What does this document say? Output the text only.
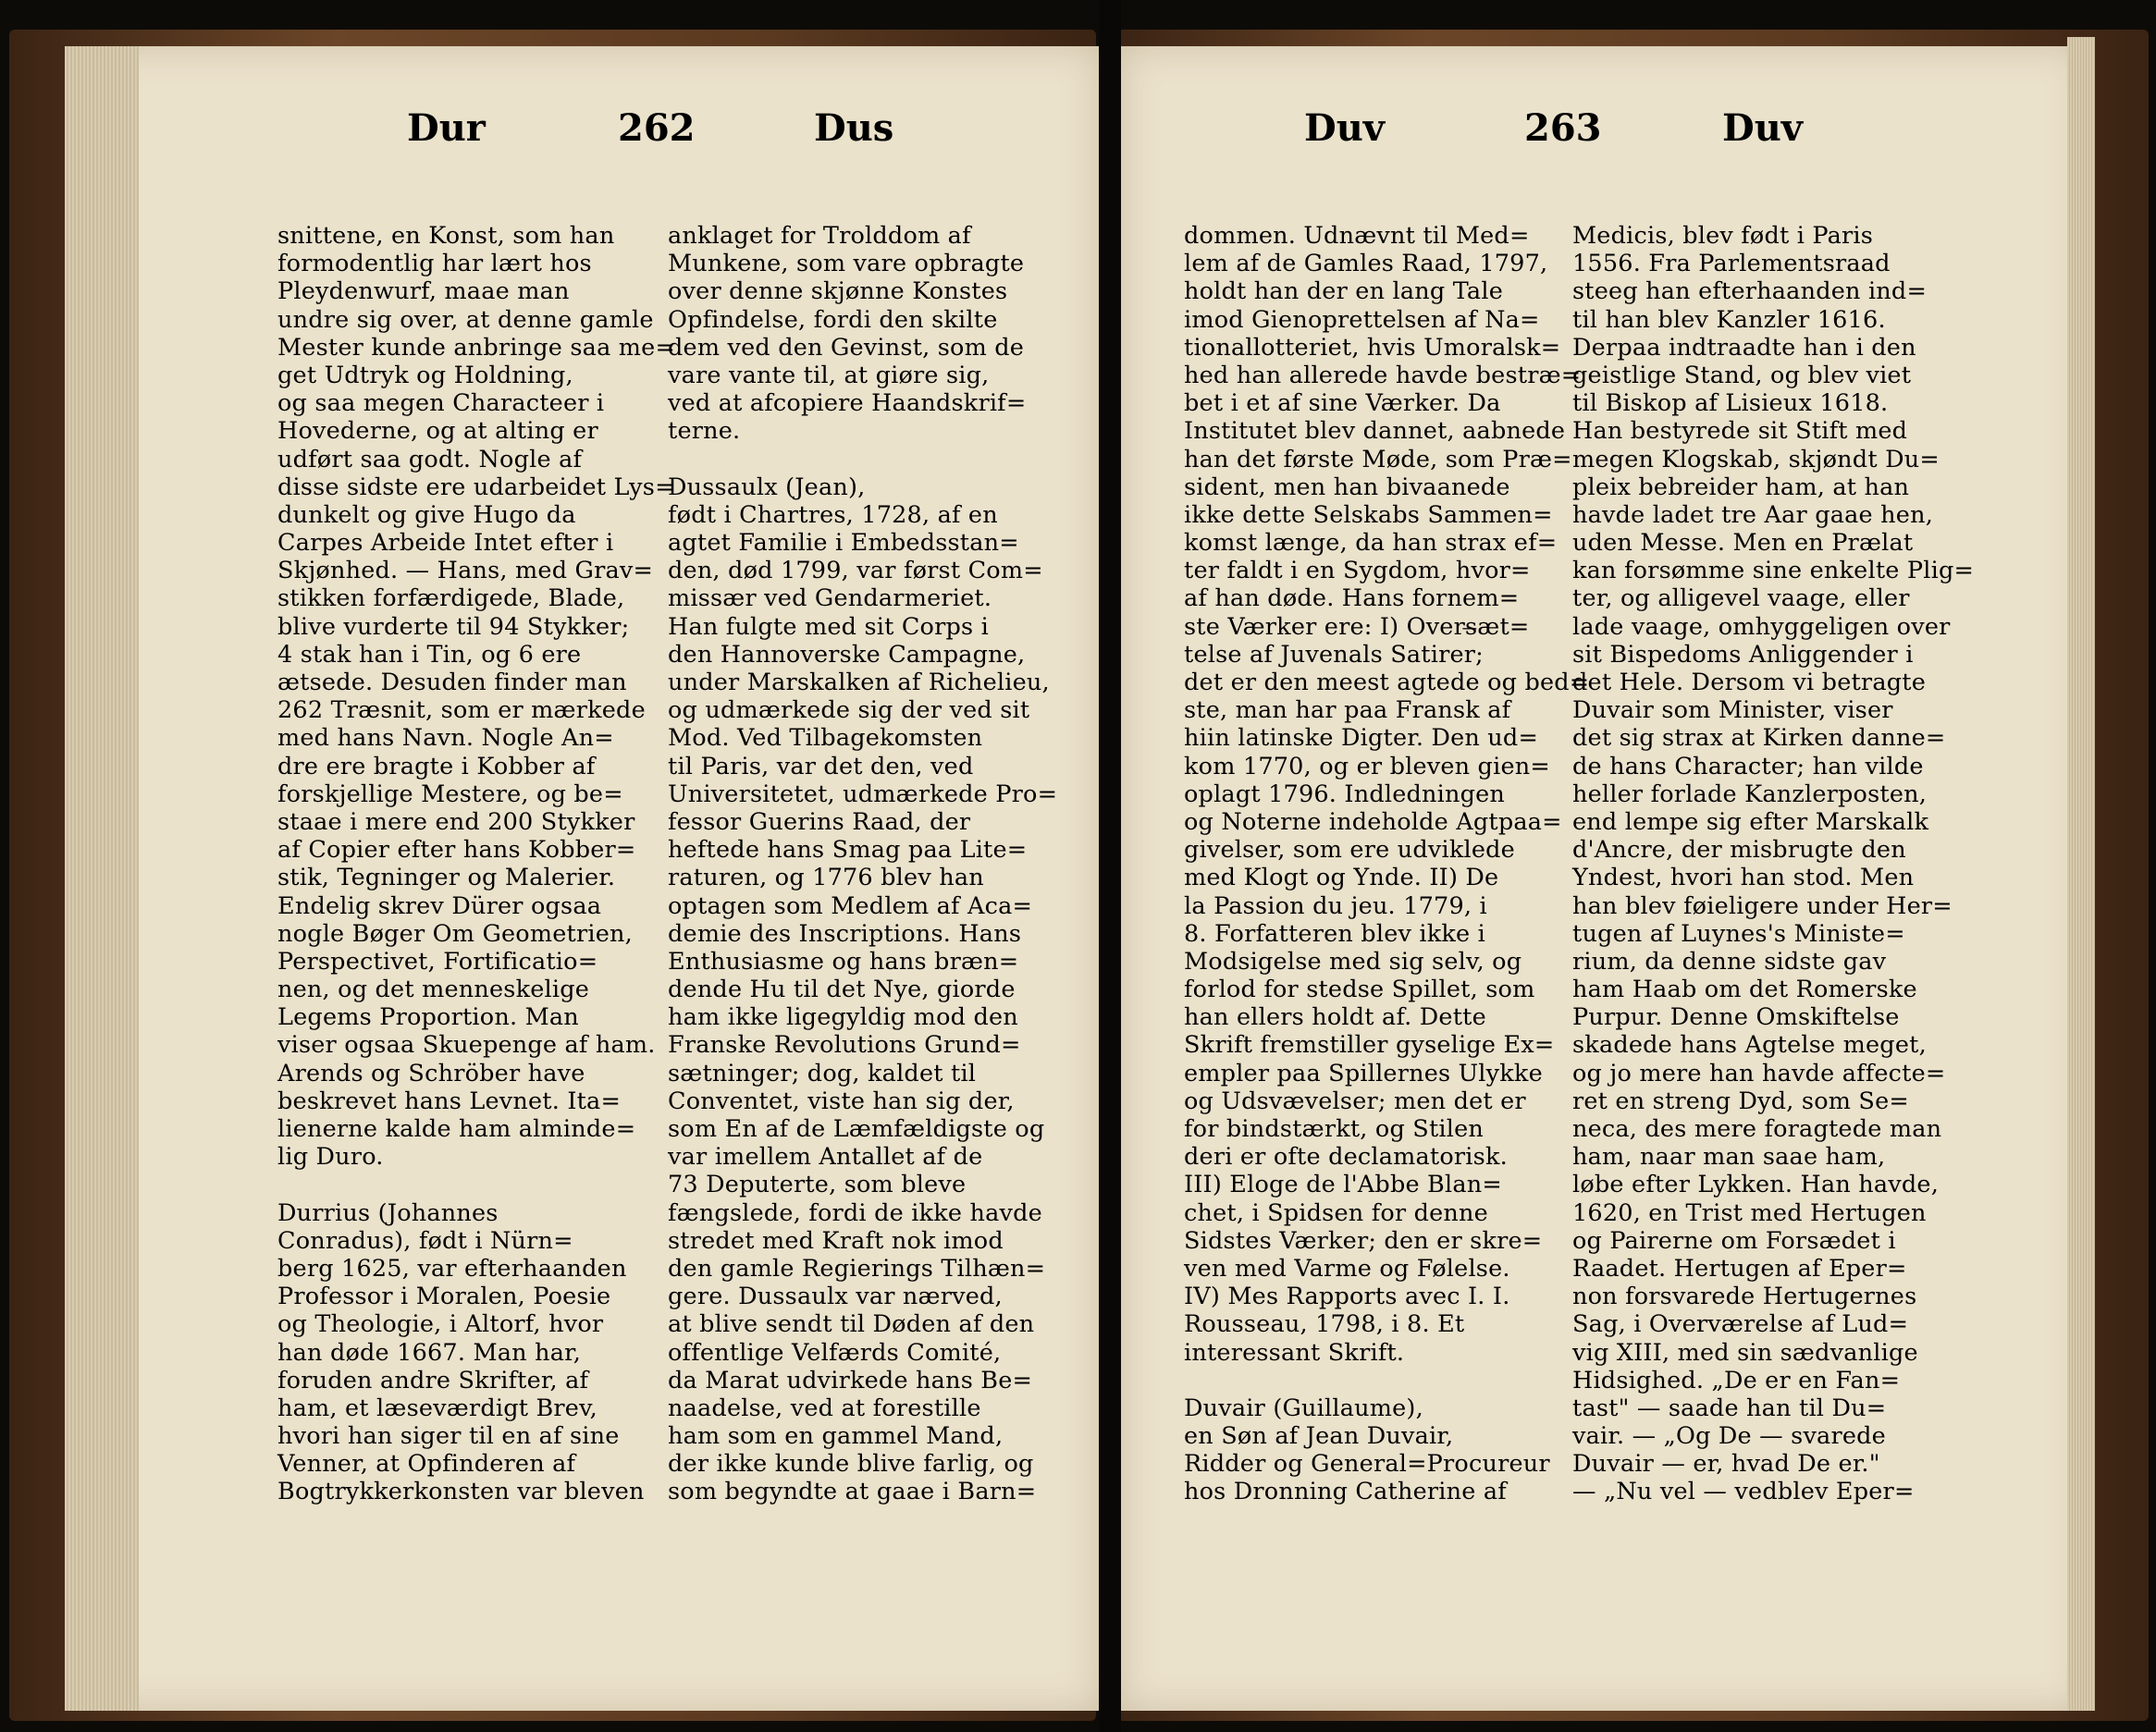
Dur	262	Dus	Duv	263	Duv
snittene, en Konst, som han
formodentlig har lært hos
Pleydenwurf, maae man
undre sig over, at denne gamle
Mester kunde anbringe saa me=
get Udtryk og Holdning,
og saa megen Characteer i
Hovederne, og at alting er
udført saa godt. Nogle af
disse sidste ere udarbeidet Lys=
dunkelt og give Hugo da
Carpes Arbeide Intet efter i
Skjønhed. — Hans, med Grav=
stikken forfærdigede, Blade,
blive vurderte til 94 Stykker;
4 stak han i Tin, og 6 ere
ætsede. Desuden finder man
262 Træsnit, som er mærkede
med hans Navn. Nogle An=
dre ere bragte i Kobber af
forskjellige Mestere, og be=
staae i mere end 200 Stykker
af Copier efter hans Kobber=
stik, Tegninger og Malerier.
Endelig skrev Dürer ogsaa
nogle Bøger Om Geometrien,
Perspectivet, Fortificatio=
nen, og det menneskelige
Legems Proportion. Man
viser ogsaa Skuepenge af ham.
Arends og Schröber have
beskrevet hans Levnet. Ita=
lienerne kalde ham alminde=
lig Duro.
Durrius (Johannes
Conradus), født i Nürn=
berg 1625, var efterhaanden
Professor i Moralen, Poesie
og Theologie, i Altorf, hvor
han døde 1667. Man har,
foruden andre Skrifter, af
ham, et læseværdigt Brev,
hvori han siger til en af sine
Venner, at Opfinderen af
Bogtrykkerkonsten var bleven
anklaget for Trolddom af
Munkene, som vare opbragte
over denne skjønne Konstes
Opfindelse, fordi den skilte
dem ved den Gevinst, som de
vare vante til, at giøre sig,
ved at afcopiere Haandskrif=
terne.
Dussaulx (Jean),
født i Chartres, 1728, af en
agtet Familie i Embedsstan=
den, død 1799, var først Com=
missær ved Gendarmeriet.
Han fulgte med sit Corps i
den Hannoverske Campagne,
under Marskalken af Richelieu,
og udmærkede sig der ved sit
Mod. Ved Tilbagekomsten
til Paris, var det den, ved
Universitetet, udmærkede Pro=
fessor Guerins Raad, der
heftede hans Smag paa Lite=
raturen, og 1776 blev han
optagen som Medlem af Aca=
demie des Inscriptions. Hans
Enthusiasme og hans bræn=
dende Hu til det Nye, giorde
ham ikke ligegyldig mod den
Franske Revolutions Grund=
sætninger; dog, kaldet til
Conventet, viste han sig der,
som En af de Læmfældigste og
var imellem Antallet af de
73 Deputerte, som bleve
fængslede, fordi de ikke havde
stredet med Kraft nok imod
den gamle Regierings Tilhæn=
gere. Dussaulx var nærved,
at blive sendt til Døden af den
offentlige Velfærds Comité,
da Marat udvirkede hans Be=
naadelse, ved at forestille
ham som en gammel Mand,
der ikke kunde blive farlig, og
som begyndte at gaae i Barn=
dommen. Udnævnt til Med=
lem af de Gamles Raad, 1797,
holdt han der en lang Tale
imod Gienoprettelsen af Na=
tionallotteriet, hvis Umoralsk=
hed han allerede havde bestræ=
bet i et af sine Værker. Da
Institutet blev dannet, aabnede
han det første Møde, som Præ=
sident, men han bivaanede
ikke dette Selskabs Sammen=
komst længe, da han strax ef=
ter faldt i en Sygdom, hvor=
af han døde. Hans fornem=
ste Værker ere: I) Overs̶æt=
telse af Juvenals Satirer;
det er den meest agtede og bed=
ste, man har paa Fransk af
hiin latinske Digter. Den ud=
kom 1770, og er bleven gien=
oplagt 1796. Indledningen
og Noterne indeholde Agtpaa=
givelser, som ere udviklede
med Klogt og Ynde. II) De
la Passion du jeu. 1779, i
8. Forfatteren blev ikke i
Modsigelse med sig selv, og
forlod for stedse Spillet, som
han ellers holdt af. Dette
Skrift fremstiller gyselige Ex=
empler paa Spillernes Ulykke
og Udsvævelser; men det er
for bindstærkt, og Stilen
deri er ofte declamatorisk.
III) Eloge de l'Abbe Blan=
chet, i Spidsen for denne
Sidstes Værker; den er skre=
ven med Varme og Følelse.
IV) Mes Rapports avec I. I.
Rousseau, 1798, i 8. Et
interessant Skrift.
Duvair (Guillaume),
en Søn af Jean Duvair,
Ridder og General=Procureur
hos Dronning Catherine af
Medicis, blev født i Paris
1556. Fra Parlementsraad
steeg han efterhaanden ind=
til han blev Kanzler 1616.
Derpaa indtraadte han i den
geistlige Stand, og blev viet
til Biskop af Lisieux 1618.
Han bestyrede sit Stift med
megen Klogskab, skjøndt Du=
pleix bebreider ham, at han
havde ladet tre Aar gaae hen,
uden Messe. Men en Prælat
kan forsømme sine enkelte Plig=
ter, og alligevel vaage, eller
lade vaage, omhyggeligen over
sit Bispedoms Anliggender i
det Hele. Dersom vi betragte
Duvair som Minister, viser
det sig strax at Kirken danne=
de hans Character; han vilde
heller forlade Kanzlerposten,
end lempe sig efter Marskalk
d'Ancre, der misbrugte den
Yndest, hvori han stod. Men
han blev føieligere under Her=
tugen af Luynes's Ministe=
rium, da denne sidste gav
ham Haab om det Romerske
Purpur. Denne Omskiftelse
skadede hans Agtelse meget,
og jo mere han havde affecte=
ret en streng Dyd, som Se=
neca, des mere foragtede man
ham, naar man saae ham,
løbe efter Lykken. Han havde,
1620, en Trist med Hertugen
og Pairerne om Forsædet i
Raadet. Hertugen af Eper=
non forsvarede Hertugernes
Sag, i Overværelse af Lud=
vig XIII, med sin sædvanlige
Hidsighed. „De er en Fan=
tast" — saade han til Du=
vair. — „Og De — svarede
Duvair — er, hvad De er."
— „Nu vel — vedblev Eper=
